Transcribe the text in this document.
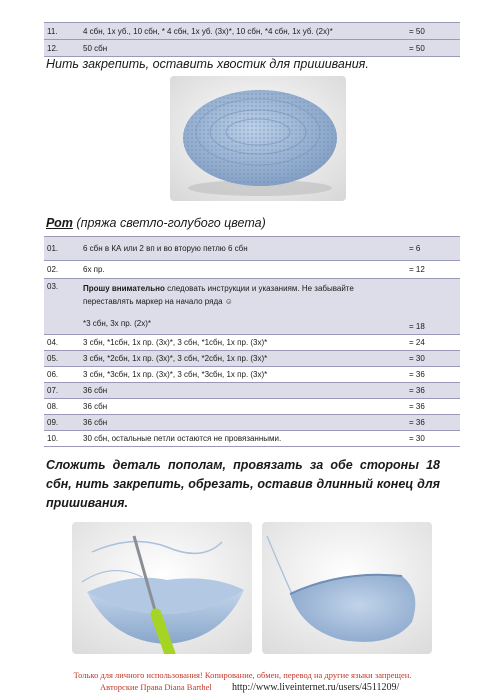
11.	4 сбн, 1х уб., 10 сбн, * 4 сбн, 1х уб. (3х)*, 10 сбн, *4 сбн, 1х уб. (2х)*	= 50
12.	50 сбн	= 50
Нить закрепить, оставить хвостик для пришивания.
Рот (пряжа светло-голубого цвета)
01.	6 сбн в КА или 2 вп и во вторую петлю 6 сбн	= 6
02.	6х пр.	= 12
03.	Прошу внимательно следовать инструкции и указаниям. Не забывайте переставлять маркер на начало ряда ☺
*3 сбн, 3х пр. (2х)*	= 18
04.	3 сбн, *1сбн, 1х пр. (3х)*, 3 сбн, *1сбн, 1х пр. (3х)*	= 24
05.	3 сбн, *2сбн, 1х пр. (3х)*, 3 сбн, *2сбн, 1х пр. (3х)*	= 30
06.	3 сбн, *3сбн, 1х пр. (3х)*, 3 сбн, *3сбн, 1х пр. (3х)*	= 36
07.	36 сбн	= 36
08.	36 сбн	= 36
09.	36 сбн	= 36
10.	30 сбн, остальные петли остаются не провязанными.	= 30
Сложить деталь пополам, провязать за обе стороны 18 сбн, нить закрепить, обрезать, оставив длинный конец для пришивания.
Только для личного использования! Копирование, обмен, перевод на другие языки запрещен.
Авторские Права Diana Barthel http://www.liveinternet.ru/users/4511209/
